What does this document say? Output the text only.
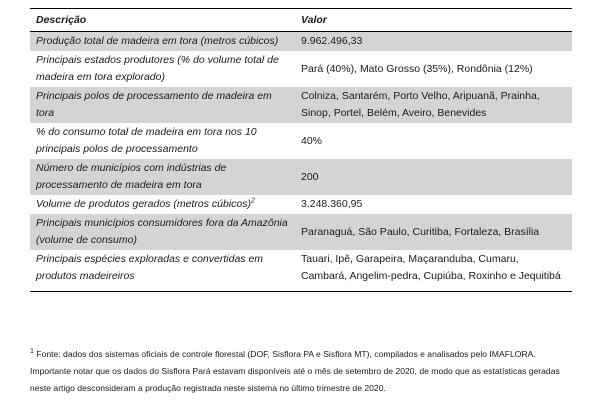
Descrição	Valor
Produção total de madeira em tora (metros cúbicos)	9.962.496,33
Principais estados produtores (% do volume total de madeira em tora explorado)	Pará (40%), Mato Grosso (35%), Rondônia (12%)
Principais polos de processamento de madeira em tora	Colniza, Santarém, Porto Velho, Aripuanã, Prainha, Sinop, Portel, Belém, Aveiro, Benevides
% do consumo total de madeira em tora nos 10 principais polos de processamento	40%
Número de municípios com indústrias de processamento de madeira em tora	200
Volume de produtos gerados (metros cúbicos)$^2$	3.248.360,95
Principais municípios consumidores fora da Amazônia (volume de consumo)	Paranaguá, São Paulo, Curitiba, Fortaleza, Brasília
Principais espécies exploradas e convertidas em produtos madeireiros	Tauari, Ipê, Garapeira, Maçaranduba, Cumaru, Cambará, Angelim-pedra, Cupiúba, Roxinho e Jequitibá
$^1$ Fonte: dados dos sistemas oficiais de controle florestal (DOF, Sisflora PA e Sisflora MT), compilados e analisados pelo IMAFLORA. Importante notar que os dados do Sisflora Pará estavam disponíveis até o mês de setembro de 2020, de modo que as estatísticas geradas neste artigo desconsideram a produção registrada neste sistema no último trimestre de 2020.
